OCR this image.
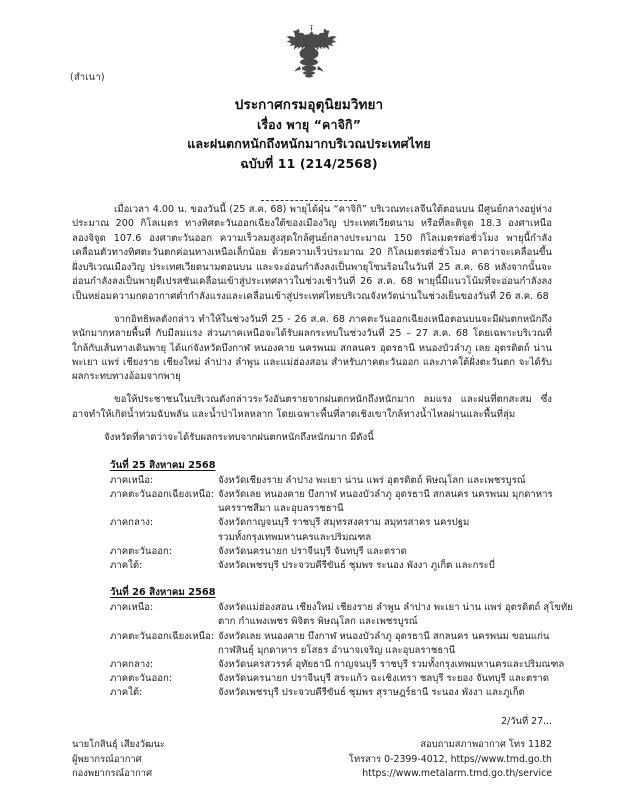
(สำเนา)
ประกาศกรมอุตุนิยมวิทยา
เรื่อง พายุ “คาจิกิ”
และฝนตกหนักถึงหนักมากบริเวณประเทศไทย
ฉบับที่ 11 (214/2568)

เมื่อเวลา 4.00 น. ของวันนี้ (25 ส.ค. 68) พายุได้ฝุ่น “คาจิกิ” บริเวณทะเลจีนใต้ตอนบน มีศูนย์กลางอยู่ห่างประมาณ 200 กิโลเมตร ทางทิศตะวันออกเฉียงใต้ของเมืองวิญ ประเทศเวียดนาม หรือที่ละติจูด 18.3 องศาเหนือ ลองจิจูด 107.6 องศาตะวันออก ความเร็วลมสูงสุดใกล้ศูนย์กลางประมาณ 150 กิโลเมตรต่อชั่วโมง พายุนี้กำลังเคลื่อนตัวทางทิศตะวันตกค่อนทางเหนือเล็กน้อย ด้วยความเร็วประมาณ 20 กิโลเมตรต่อชั่วโมง คาดว่าจะเคลื่อนขึ้นฝั่งบริเวณเมืองวิญ ประเทศเวียดนามตอนบน และจะอ่อนกำลังลงเป็นพายุโซนร้อนในวันที่ 25 ส.ค. 68 หลังจากนั้นจะอ่อนกำลังลงเป็นพายุดีเปรสชันเคลื่อนเข้าสู่ประเทศลาวในช่วงเช้าวันที่ 26 ส.ค. 68 พายุนี้มีแนวโน้มที่จะอ่อนกำลังลงเป็นหย่อมความกดอากาศต่ำกำลังแรงและเคลื่อนเข้าสู่ประเทศไทยบริเวณจังหวัดน่านในช่วงเย็นของวันที่ 26 ส.ค. 68

จากอิทธิพลดังกล่าว ทำให้ในช่วงวันที่ 25 - 26 ส.ค. 68 ภาคตะวันออกเฉียงเหนือตอนบนจะมีฝนตกหนักถึงหนักมากหลายพื้นที่ กับมีลมแรง ส่วนภาคเหนือจะได้รับผลกระทบในช่วงวันที่ 25 – 27 ส.ค. 68 โดยเฉพาะบริเวณที่ใกล้กับเส้นทางเดินพายุ ได้แก่จังหวัดบึงกาฬ หนองคาย นครพนม สกลนคร อุดรธานี หนองบัวลำภู เลย อุตรดิตถ์ น่าน พะเยา แพร่ เชียงราย เชียงใหม่ ลำปาง ลำพูน และแม่ฮ่องสอน สำหรับภาคตะวันออก และภาคใต้ฝั่งตะวันตก จะได้รับผลกระทบทางอ้อมจากพายุ

ขอให้ประชาชนในบริเวณดังกล่าวระวังอันตรายจากฝนตกหนักถึงหนักมาก ลมแรง และฝนที่ตกสะสม ซึ่งอาจทำให้เกิดน้ำท่วมฉับพลัน และน้ำป่าไหลหลาก โดยเฉพาะพื้นที่ลาดเชิงเขาใกล้ทางน้ำไหลผ่านและพื้นที่ลุ่ม

จังหวัดที่คาดว่าจะได้รับผลกระทบจากฝนตกหนักถึงหนักมาก มีดังนี้
วันที่ 25 สิงหาคม 2568
ภาคเหนือ:	จังหวัดเชียงราย ลำปาง พะเยา น่าน แพร่ อุตรดิตถ์ พิษณุโลก และเพชรบูรณ์

ภาคตะวันออกเฉียงเหนือ:	จังหวัดเลย หนองคาย บึงกาฬ หนองบัวลำภู อุดรธานี สกลนคร นครพนม มุกดาหาร
นครราชสีมา และอุบลราชธานี

ภาคกลาง:	จังหวัดกาญจนบุรี ราชบุรี สมุทรสงคราม สมุทรสาคร นครปฐม
รวมทั้งกรุงเทพมหานครและปริมณฑล

ภาคตะวันออก:	จังหวัดนครนายก ปราจีนบุรี จันทบุรี และตราด

ภาคใต้:	จังหวัดเพชรบุรี ประจวบคีรีขันธ์ ชุมพร ระนอง พังงา ภูเก็ต และกระบี่
วันที่ 26 สิงหาคม 2568
ภาคเหนือ:	จังหวัดแม่ฮ่องสอน เชียงใหม่ เชียงราย ลำพูน ลำปาง พะเยา น่าน แพร่ อุตรดิตถ์ สุโขทัย
ตาก กำแพงเพชร พิจิตร พิษณุโลก และเพชรบูรณ์

ภาคตะวันออกเฉียงเหนือ:	จังหวัดเลย หนองคาย บึงกาฬ หนองบัวลำภู อุดรธานี สกลนคร นครพนม ขอนแก่น
กาฬสินธุ์ มุกดาหาร ยโสธร อำนาจเจริญ และอุบลราชธานี

ภาคกลาง:	จังหวัดนครสวรรค์ อุทัยธานี กาญจนบุรี ราชบุรี รวมทั้งกรุงเทพมหานครและปริมณฑล

ภาคตะวันออก:	จังหวัดนครนายก ปราจีนบุรี สระแก้ว ฉะเชิงเทรา ชลบุรี ระยอง จันทบุรี และตราด

ภาคใต้:	จังหวัดเพชรบุรี ประจวบคีรีขันธ์ ชุมพร สุราษฎร์ธานี ระนอง พังงา และภูเก็ต
2/วันที่ 27...
นายโกสินธุ์ เสียงวัฒนะ
ผู้พยากรณ์อากาศ
กองพยากรณ์อากาศ
สอบถามสภาพอากาศ โทร 1182
โทรสาร 0-2399-4012, https//www.tmd.go.th
https://www.metalarm.tmd.go.th/service
